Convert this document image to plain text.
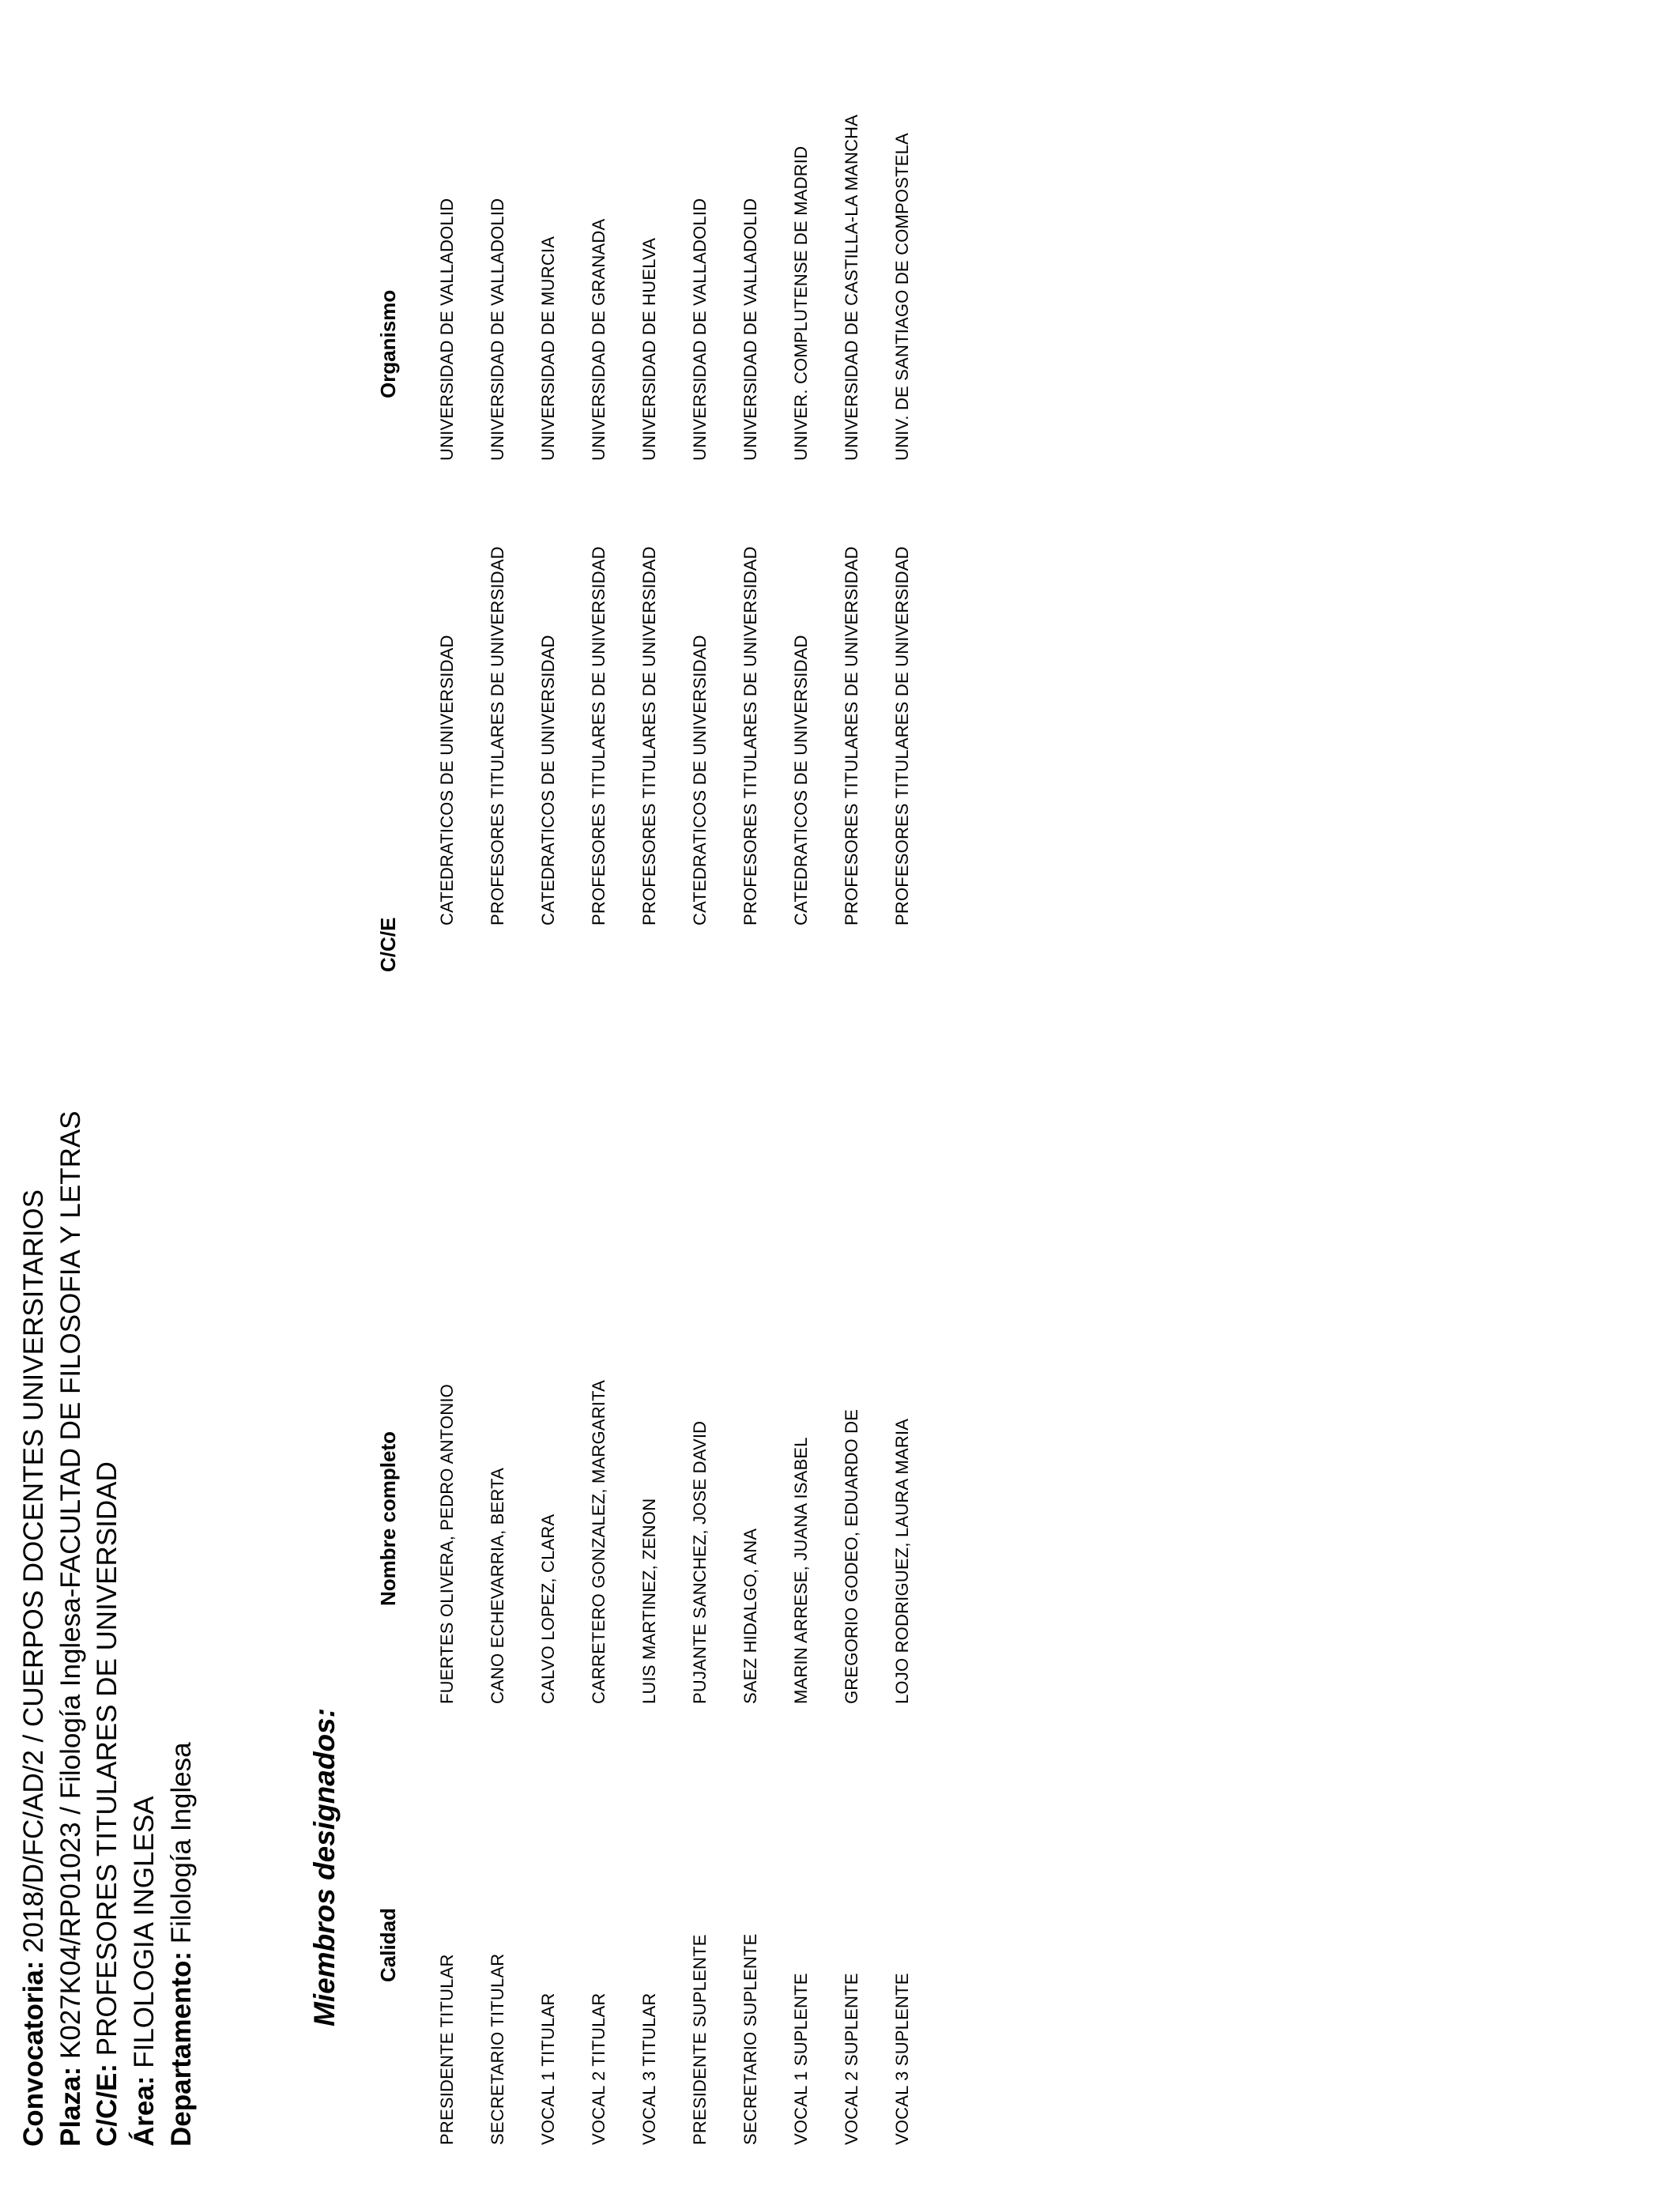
Convocatoria: 2018/D/FC/AD/2 / CUERPOS DOCENTES UNIVERSITARIOS
Plaza: K027K04/RP01023 / Filología Inglesa-FACULTAD DE FILOSOFIA Y LETRAS
C/C/E: PROFESORES TITULARES DE UNIVERSIDAD
Área: FILOLOGIA INGLESA Departamento: Filología Inglesa	Miembros designados: Calidad
Nombre completo
C/C/E
Organismo
PRESIDENTE TITULAR
FUERTES OLIVERA, PEDRO ANTONIO
CATEDRATICOS DE UNIVERSIDAD
UNIVERSIDAD DE VALLADOLID
SECRETARIO TITULAR
CANO ECHEVARRIA, BERTA
PROFESORES TITULARES DE UNIVERSIDAD
UNIVERSIDAD DE VALLADOLID
VOCAL 1 TITULAR
CALVO LOPEZ, CLARA
CATEDRATICOS DE UNIVERSIDAD
UNIVERSIDAD DE MURCIA
VOCAL 2 TITULAR
CARRETERO GONZALEZ, MARGARITA
PROFESORES TITULARES DE UNIVERSIDAD
UNIVERSIDAD DE GRANADA
VOCAL 3 TITULAR
LUIS MARTINEZ, ZENON
PROFESORES TITULARES DE UNIVERSIDAD
UNIVERSIDAD DE HUELVA
PRESIDENTE SUPLENTE
PUJANTE SANCHEZ, JOSE DAVID
CATEDRATICOS DE UNIVERSIDAD
UNIVERSIDAD DE VALLADOLID
SECRETARIO SUPLENTE
SAEZ HIDALGO, ANA
PROFESORES TITULARES DE UNIVERSIDAD
UNIVERSIDAD DE VALLADOLID
VOCAL 1 SUPLENTE
MARIN ARRESE, JUANA ISABEL
CATEDRATICOS DE UNIVERSIDAD
UNIVER. COMPLUTENSE DE MADRID
VOCAL 2 SUPLENTE
GREGORIO GODEO, EDUARDO DE
PROFESORES TITULARES DE UNIVERSIDAD
UNIVERSIDAD DE CASTILLA-LA MANCHA
VOCAL 3 SUPLENTE
LOJO RODRIGUEZ, LAURA MARIA
PROFESORES TITULARES DE UNIVERSIDAD
UNIV. DE SANTIAGO DE COMPOSTELA
